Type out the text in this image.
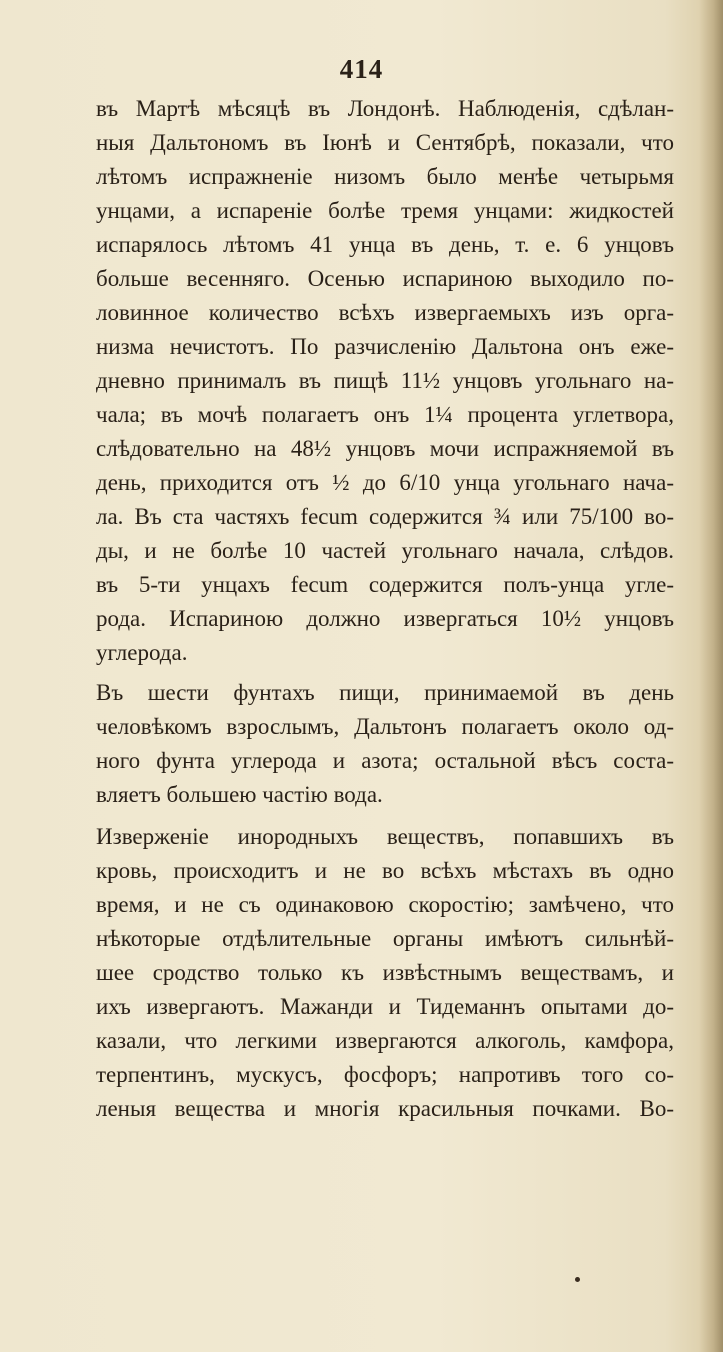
414
въ Мартѣ мѣсяцѣ въ Лондонѣ. Наблюденія, сдѣлан-
ныя Дальтономъ въ Іюнѣ и Сентябрѣ, показали, что
лѣтомъ испражненіе низомъ было менѣе четырьмя
унцами, а испареніе болѣе тремя унцами: жидкостей
испарялось лѣтомъ 41 унца въ день, т. е. 6 унцовъ
больше весенняго. Осенью испариною выходило по-
ловинное количество всѣхъ извергаемыхъ изъ орга-
низма нечистотъ. По разчисленію Дальтона онъ еже-
дневно принималъ въ пищѣ 11½ унцовъ угольнаго на-
чала; въ мочѣ полагаетъ онъ 1¼ процента углетвора,
слѣдовательно на 48½ унцовъ мочи испражняемой въ
день, приходится отъ ½ до 6/10 унца угольнаго нача-
ла. Въ ста частяхъ fecum содержится ¾ или 75/100 во-
ды, и не болѣе 10 частей угольнаго начала, слѣдов.
въ 5-ти унцахъ fecum содержится полъ-унца угле-
рода. Испариною должно извергаться 10½ унцовъ
углерода.
Въ шести фунтахъ пищи, принимаемой въ день
человѣкомъ взрослымъ, Дальтонъ полагаетъ около од-
ного фунта углерода и азота; остальной вѣсъ соста-
вляетъ большею частію вода.
Изверженіе инородныхъ веществъ, попавшихъ въ
кровь, происходитъ и не во всѣхъ мѣстахъ въ одно
время, и не съ одинаковою скоростію; замѣчено, что
нѣкоторые отдѣлительные органы имѣютъ сильнѣй-
шее сродство только къ извѣстнымъ веществамъ, и
ихъ извергаютъ. Мажанди и Тидеманнъ опытами до-
казали, что легкими извергаются алкоголь, камфора,
терпентинъ, мускусъ, фосфоръ; напротивъ того со-
леныя вещества и многія красильныя почками. Во-
